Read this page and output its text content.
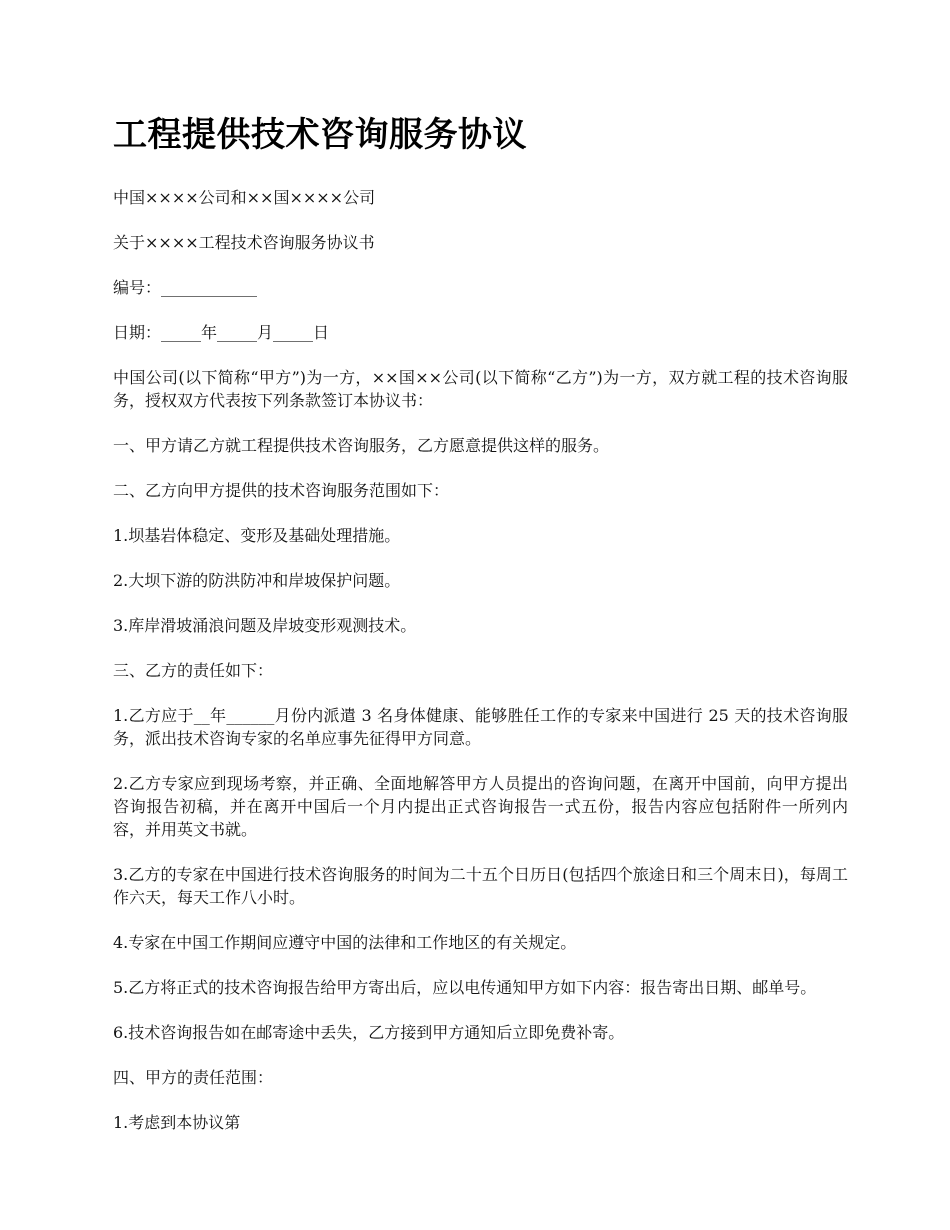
工程提供技术咨询服务协议

中国××××公司和××国××××公司

关于××××工程技术咨询服务协议书

编号：____________

日期：_____年_____月_____日

中国公司(以下简称“甲方”)为一方，××国××公司(以下简称“乙方”)为一方，双方就工程的技术咨询服务，授权双方代表按下列条款签订本协议书：

一、甲方请乙方就工程提供技术咨询服务，乙方愿意提供这样的服务。

二、乙方向甲方提供的技术咨询服务范围如下：

1.坝基岩体稳定、变形及基础处理措施。

2.大坝下游的防洪防冲和岸坡保护问题。

3.库岸滑坡涌浪问题及岸坡变形观测技术。

三、乙方的责任如下：

1.乙方应于__年______月份内派遣 3 名身体健康、能够胜任工作的专家来中国进行 25 天的技术咨询服务，派出技术咨询专家的名单应事先征得甲方同意。

2.乙方专家应到现场考察，并正确、全面地解答甲方人员提出的咨询问题，在离开中国前，向甲方提出咨询报告初稿，并在离开中国后一个月内提出正式咨询报告一式五份，报告内容应包括附件一所列内容，并用英文书就。

3.乙方的专家在中国进行技术咨询服务的时间为二十五个日历日(包括四个旅途日和三个周末日)，每周工作六天，每天工作八小时。

4.专家在中国工作期间应遵守中国的法律和工作地区的有关规定。

5.乙方将正式的技术咨询报告给甲方寄出后，应以电传通知甲方如下内容：报告寄出日期、邮单号。

6.技术咨询报告如在邮寄途中丢失，乙方接到甲方通知后立即免费补寄。

四、甲方的责任范围：

1.考虑到本协议第
